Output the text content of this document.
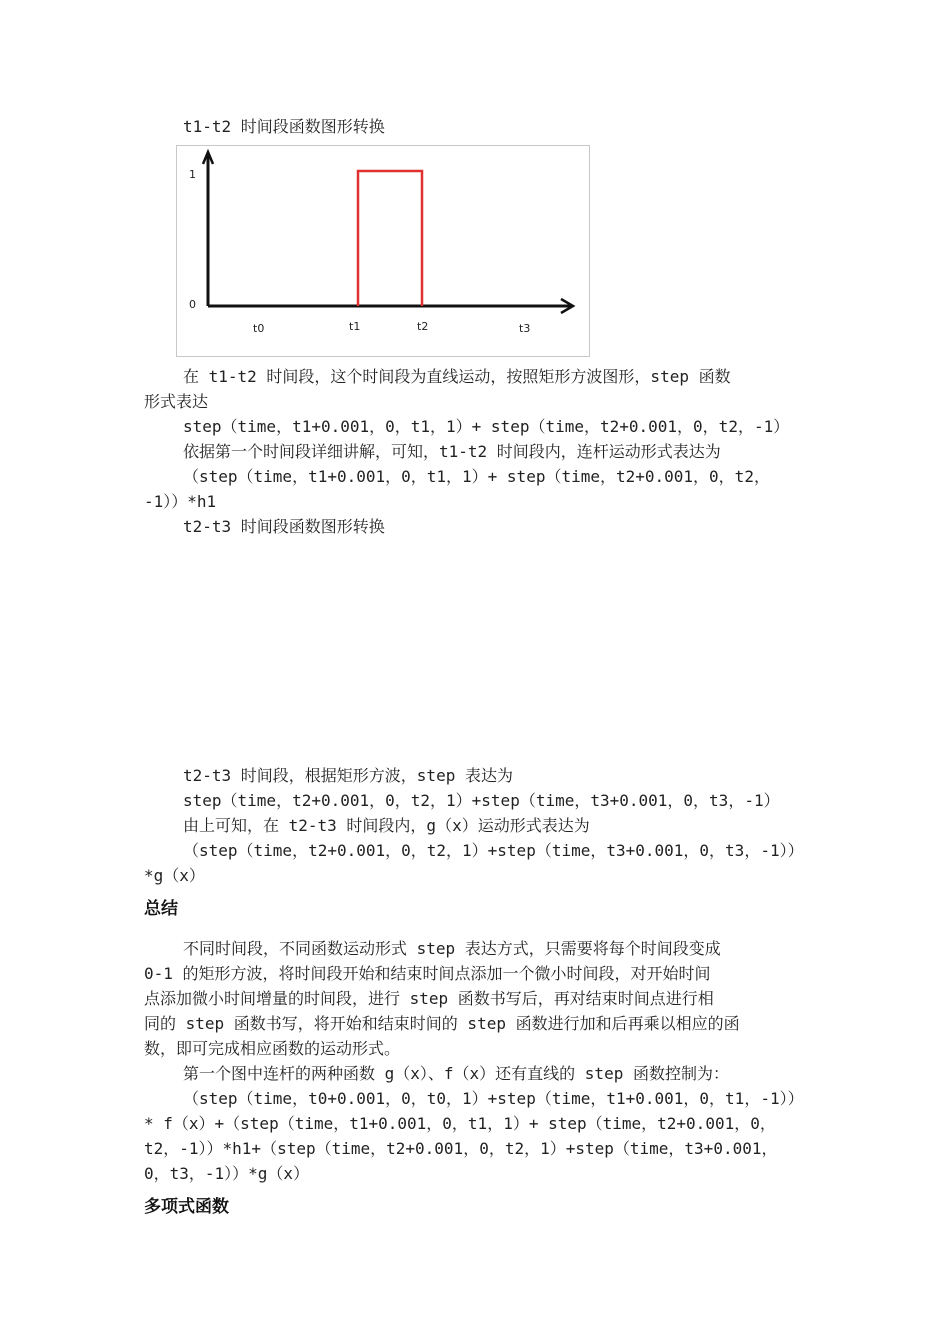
t1-t2 时间段函数图形转换
1
0
t0	t1	t2	t3
在 t1-t2 时间段，这个时间段为直线运动，按照矩形方波图形，step 函数
形式表达
step（time，t1+0.001，0，t1，1）+ step（time，t2+0.001，0，t2，-1）
依据第一个时间段详细讲解，可知，t1-t2 时间段内，连杆运动形式表达为
（step（time，t1+0.001，0，t1，1）+ step（time，t2+0.001，0，t2，
-1））*h1
t2-t3 时间段函数图形转换
t2-t3 时间段，根据矩形方波，step 表达为
step（time，t2+0.001，0，t2，1）+step（time，t3+0.001，0，t3，-1）
由上可知，在 t2-t3 时间段内，g（x）运动形式表达为
（step（time，t2+0.001，0，t2，1）+step（time，t3+0.001，0，t3，-1））
*g（x）
总结
不同时间段，不同函数运动形式 step 表达方式，只需要将每个时间段变成
0-1 的矩形方波，将时间段开始和结束时间点添加一个微小时间段，对开始时间
点添加微小时间增量的时间段，进行 step 函数书写后，再对结束时间点进行相
同的 step 函数书写，将开始和结束时间的 step 函数进行加和后再乘以相应的函
数，即可完成相应函数的运动形式。
第一个图中连杆的两种函数 g（x）、f（x）还有直线的 step 函数控制为：
（step（time，t0+0.001，0，t0，1）+step（time，t1+0.001，0，t1，-1））
* f（x）+（step（time，t1+0.001，0，t1，1）+ step（time，t2+0.001，0，
t2，-1））*h1+（step（time，t2+0.001，0，t2，1）+step（time，t3+0.001，
0，t3，-1））*g（x）
多项式函数
